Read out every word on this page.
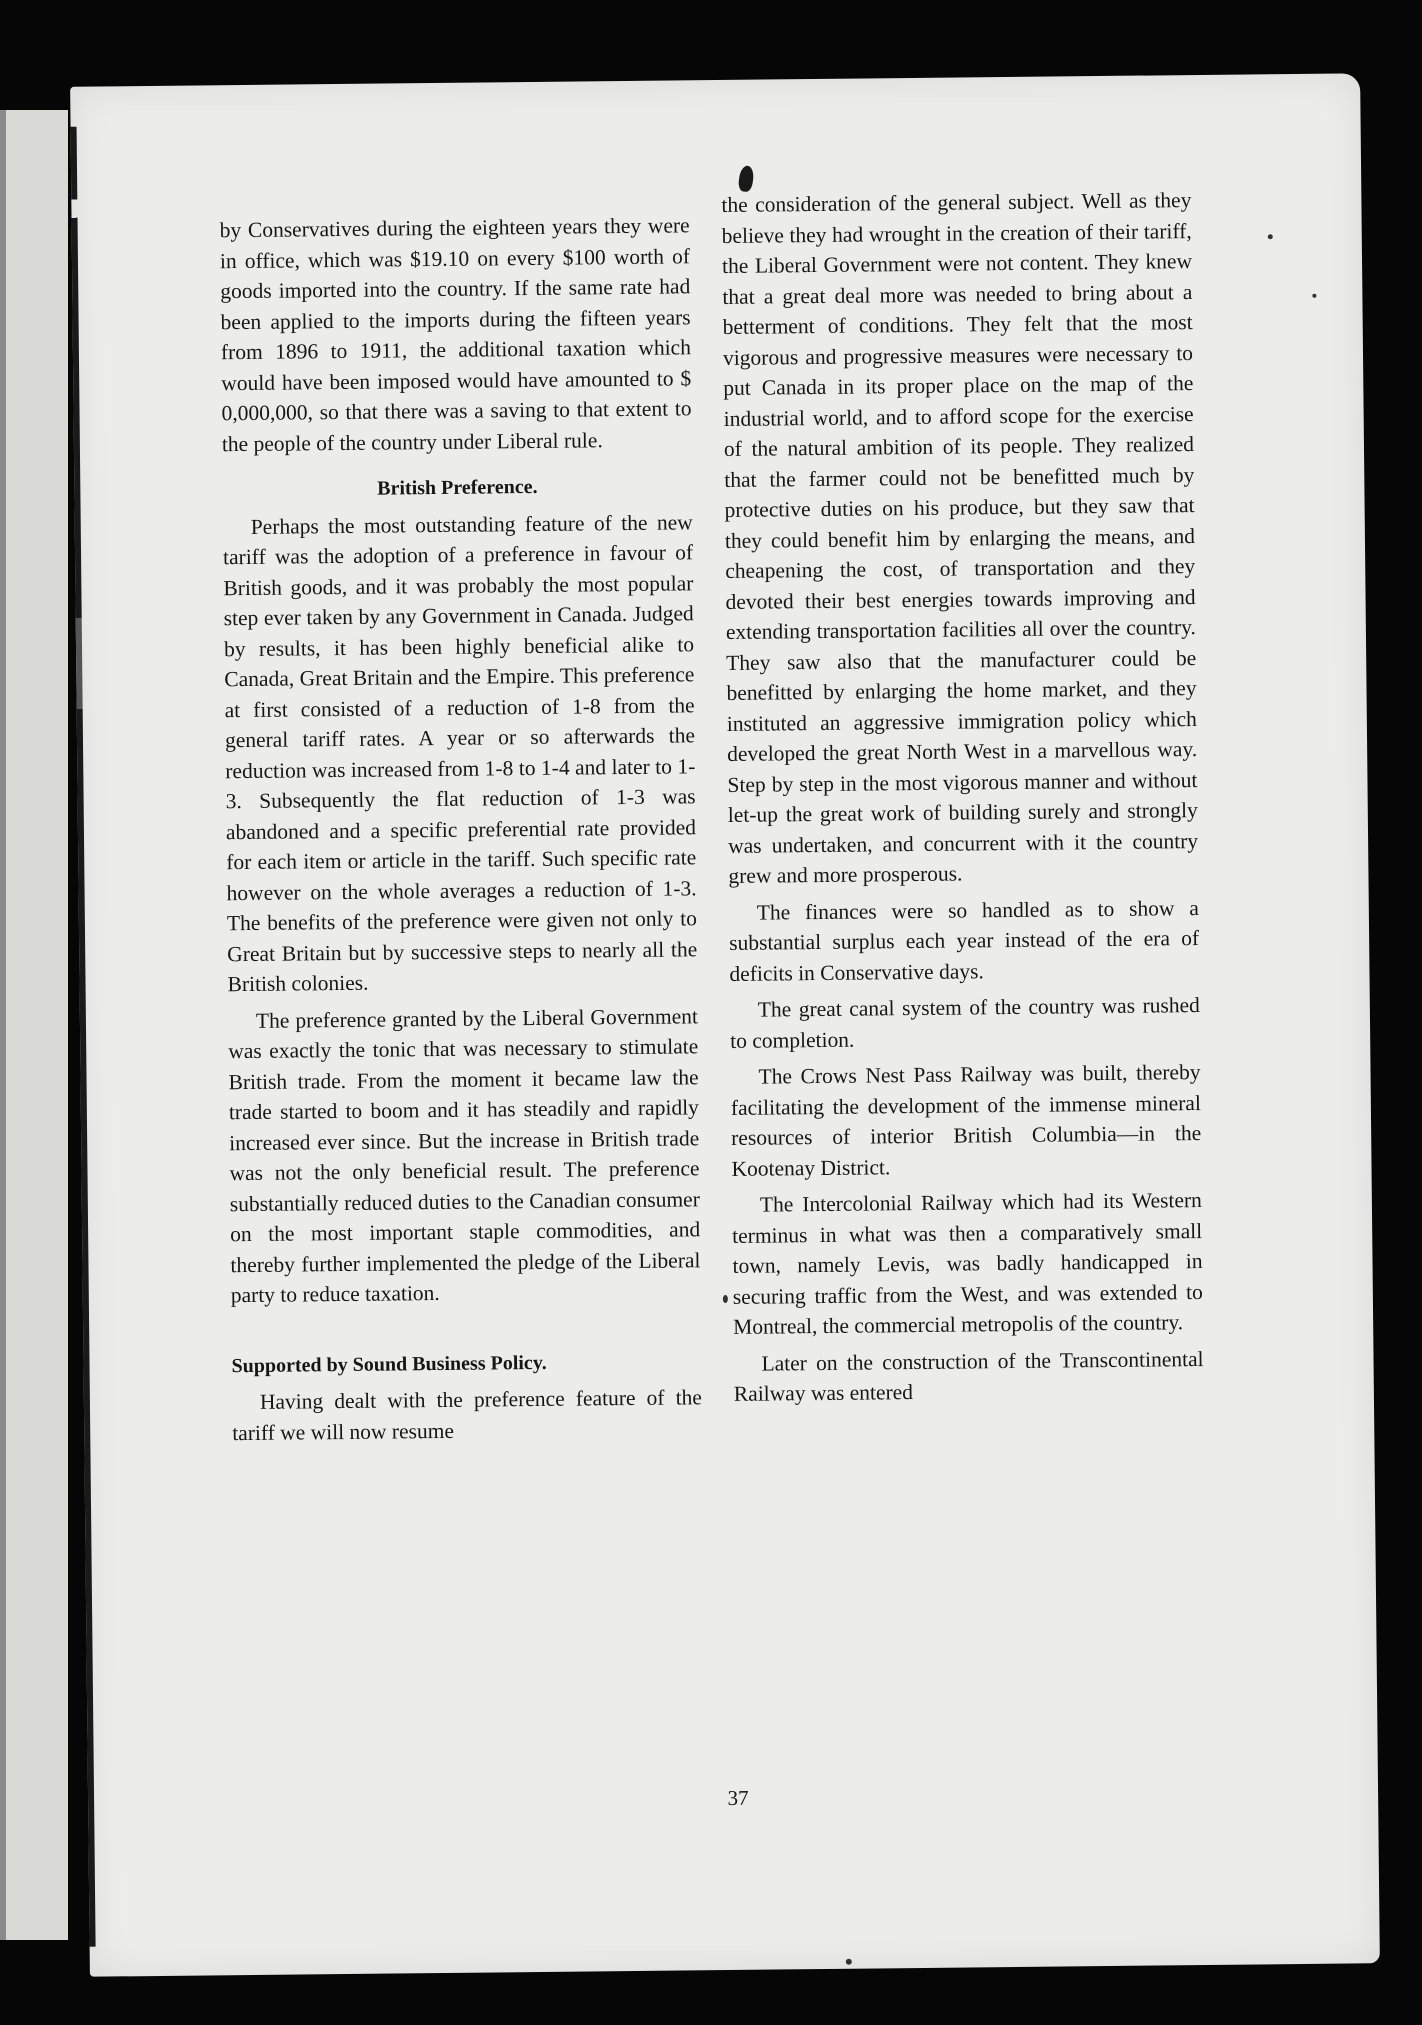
by Conservatives during the eighteen years they were in office, which was $19.10 on every $100 worth of goods imported into the country. If the same rate had been applied to the imports during the fifteen years from 1896 to 1911, the additional taxation which would have been imposed would have amounted to $ 0,000,000, so that there was a saving to that extent to the people of the country under Liberal rule.

British Preference.

Perhaps the most outstanding feature of the new tariff was the adoption of a preference in favour of British goods, and it was probably the most popular step ever taken by any Government in Canada. Judged by results, it has been highly beneficial alike to Canada, Great Britain and the Empire. This preference at first consisted of a reduction of 1-8 from the general tariff rates. A year or so afterwards the reduction was increased from 1-8 to 1-4 and later to 1-3. Subsequently the flat reduction of 1-3 was abandoned and a specific preferential rate provided for each item or article in the tariff. Such specific rate however on the whole averages a reduction of 1-3. The benefits of the preference were given not only to Great Britain but by successive steps to nearly all the British colonies.

The preference granted by the Liberal Government was exactly the tonic that was necessary to stimulate British trade. From the moment it became law the trade started to boom and it has steadily and rapidly increased ever since. But the increase in British trade was not the only beneficial result. The preference substantially reduced duties to the Canadian consumer on the most important staple commodities, and thereby further implemented the pledge of the Liberal party to reduce taxation.

Supported by Sound Business Policy.

Having dealt with the preference feature of the tariff we will now resume

the consideration of the general subject. Well as they believe they had wrought in the creation of their tariff, the Liberal Government were not content. They knew that a great deal more was needed to bring about a betterment of conditions. They felt that the most vigorous and progressive measures were necessary to put Canada in its proper place on the map of the industrial world, and to afford scope for the exercise of the natural ambition of its people. They realized that the farmer could not be benefitted much by protective duties on his produce, but they saw that they could benefit him by enlarging the means, and cheapening the cost, of transportation and they devoted their best energies towards improving and extending transportation facilities all over the country. They saw also that the manufacturer could be benefitted by enlarging the home market, and they instituted an aggressive immigration policy which developed the great North West in a marvellous way. Step by step in the most vigorous manner and without let-up the great work of building surely and strongly was undertaken, and concurrent with it the country grew and more prosperous.

The finances were so handled as to show a substantial surplus each year instead of the era of deficits in Conservative days.

The great canal system of the country was rushed to completion.

The Crows Nest Pass Railway was built, thereby facilitating the development of the immense mineral resources of interior British Columbia—in the Kootenay District.

The Intercolonial Railway which had its Western terminus in what was then a comparatively small town, namely Levis, was badly handicapped in securing traffic from the West, and was extended to Montreal, the commercial metropolis of the country.

Later on the construction of the Transcontinental Railway was entered

37
